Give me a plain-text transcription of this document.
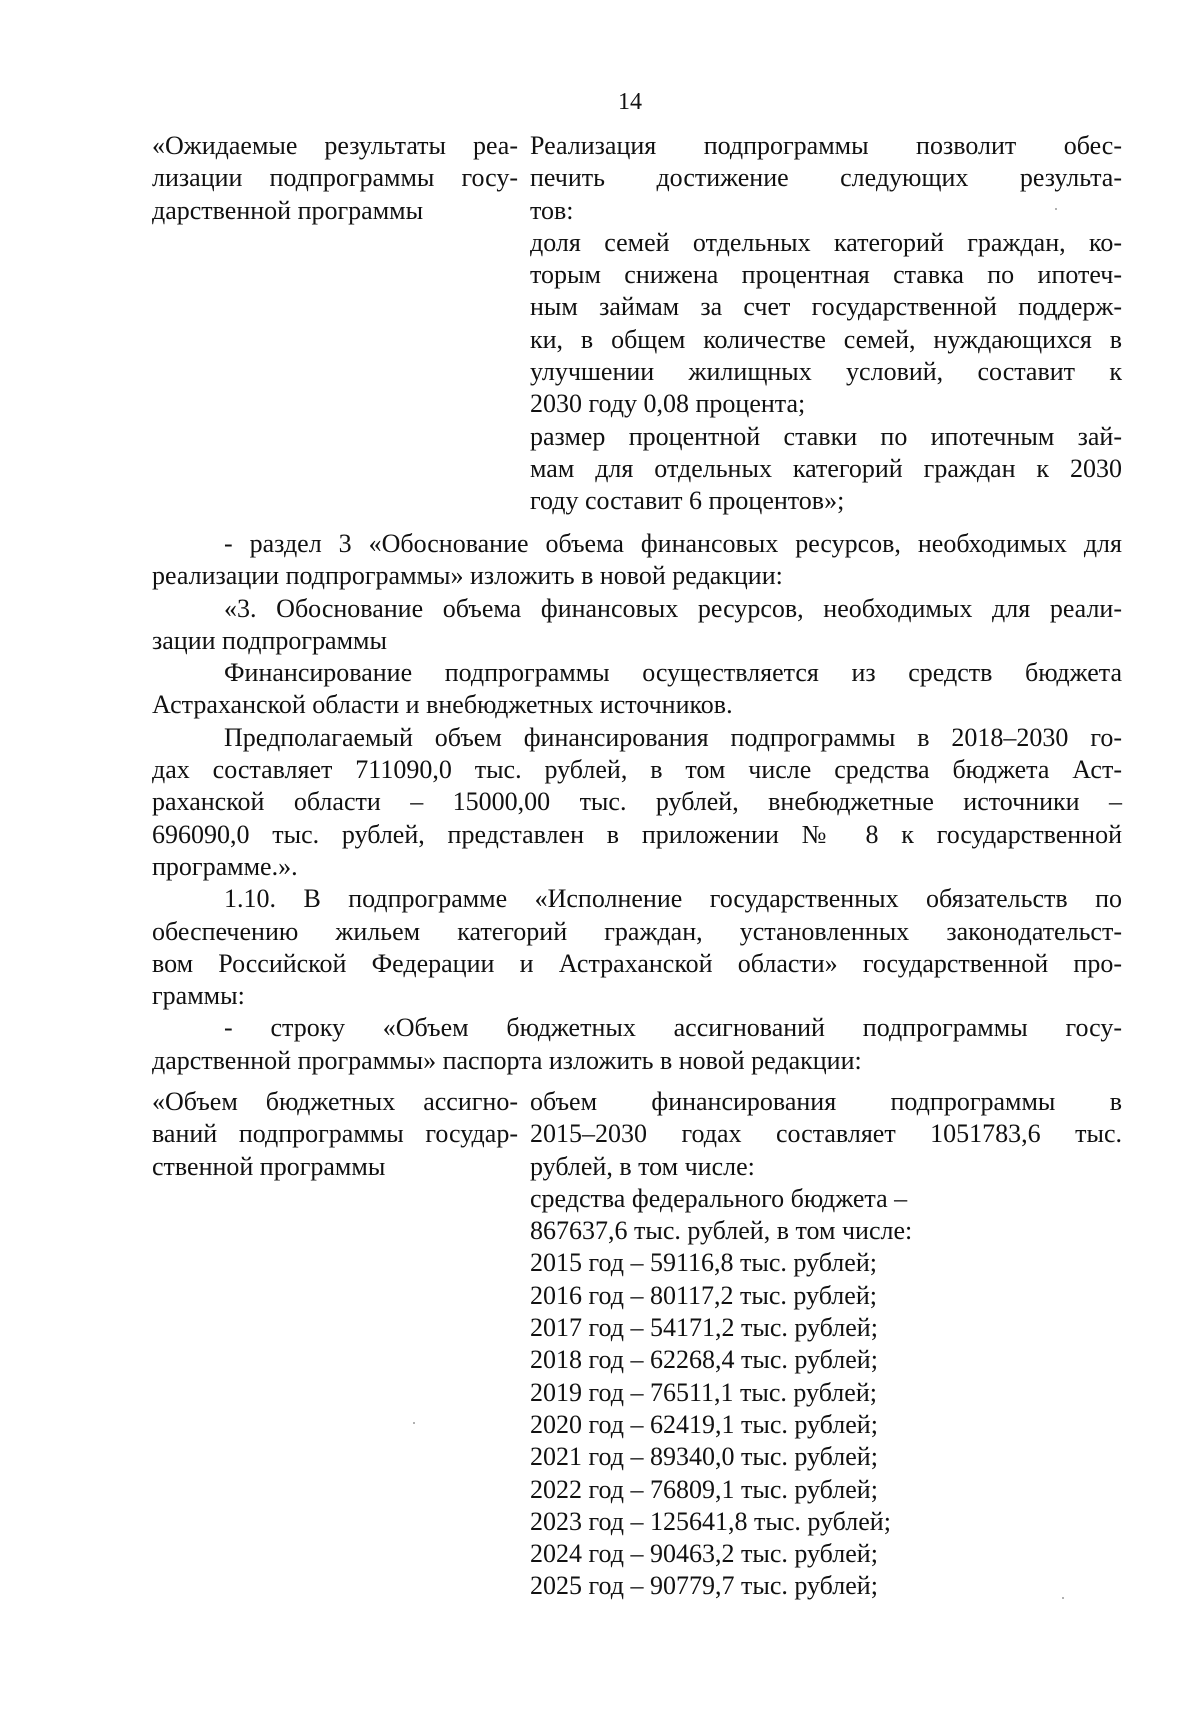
14
«Ожидаемые результаты реа-
лизации подпрограммы госу-
дарственной программы
Реализация подпрограммы позволит обес-
печить достижение следующих результа-
тов:
доля семей отдельных категорий граждан, ко-
торым снижена процентная ставка по ипотеч-
ным займам за счет государственной поддерж-
ки, в общем количестве семей, нуждающихся в
улучшении жилищных условий, составит к
2030 году 0,08 процента;
размер процентной ставки по ипотечным зай-
мам для отдельных категорий граждан к 2030
году составит 6 процентов»;
- раздел 3 «Обоснование объема финансовых ресурсов, необходимых для
реализации подпрограммы» изложить в новой редакции:
«3. Обоснование объема финансовых ресурсов, необходимых для реали-
зации подпрограммы
Финансирование подпрограммы осуществляется из средств бюджета
Астраханской области и внебюджетных источников.
Предполагаемый объем финансирования подпрограммы в 2018–2030 го-
дах составляет 711090,0 тыс. рублей, в том числе средства бюджета Аст-
раханской области – 15000,00 тыс. рублей, внебюджетные источники –
696090,0 тыс. рублей, представлен в приложении № 8 к государственной
программе.».
1.10. В подпрограмме «Исполнение государственных обязательств по
обеспечению жильем категорий граждан, установленных законодательст-
вом Российской Федерации и Астраханской области» государственной про-
граммы:
- строку «Объем бюджетных ассигнований подпрограммы госу-
дарственной программы» паспорта изложить в новой редакции:
«Объем бюджетных ассигно-
ваний подпрограммы государ-
ственной программы
объем финансирования подпрограммы в
2015–2030 годах составляет 1051783,6 тыс.
рублей, в том числе:
средства федерального бюджета –
867637,6 тыс. рублей, в том числе:
2015 год – 59116,8 тыс. рублей;
2016 год – 80117,2 тыс. рублей;
2017 год – 54171,2 тыс. рублей;
2018 год – 62268,4 тыс. рублей;
2019 год – 76511,1 тыс. рублей;
2020 год – 62419,1 тыс. рублей;
2021 год – 89340,0 тыс. рублей;
2022 год – 76809,1 тыс. рублей;
2023 год – 125641,8 тыс. рублей;
2024 год – 90463,2 тыс. рублей;
2025 год – 90779,7 тыс. рублей;
